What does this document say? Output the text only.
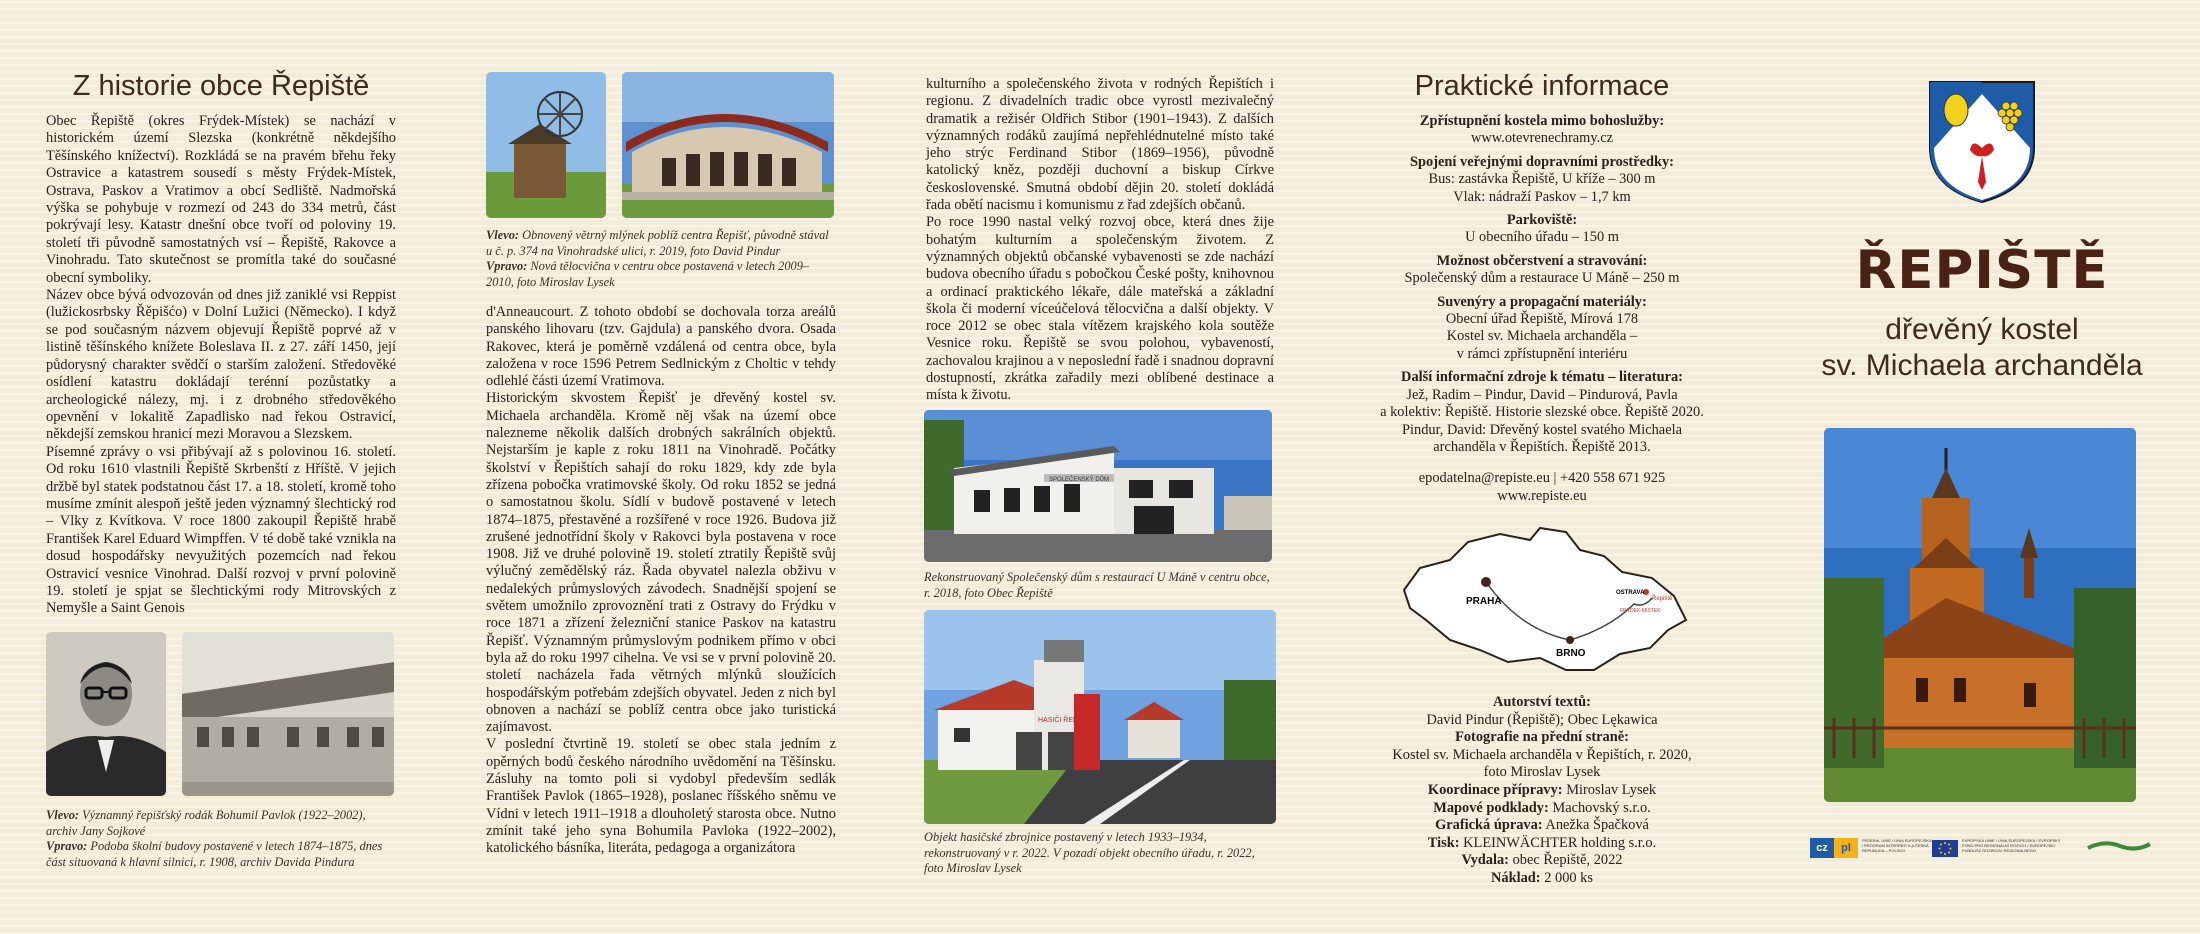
Z historie obce Řepiště
Obec Řepiště (okres Frýdek-Místek) se nachází v historickém území Slezska (konkrétně někdejšího Těšínského knížectví). Rozkládá se na pravém břehu řeky Ostravice a katastrem sousedí s městy Frýdek-Místek, Ostrava, Paskov a Vratimov a obcí Sedliště. Nadmořská výška se pohybuje v rozmezí od 243 do 334 metrů, část pokrývají lesy. Katastr dnešní obce tvoří od poloviny 19. století tři původně samostatných vsí – Řepiště, Rakovce a Vinohradu. Tato skutečnost se promítla také do současné obecní symboliky.
Název obce bývá odvozován od dnes již zaniklé vsi Reppist (lužickosrbsky Řěpišćo) v Dolní Lužici (Německo). I když se pod současným názvem objevují Řepiště poprvé až v listině těšínského knížete Boleslava II. z 27. září 1450, její půdorysný charakter svědčí o starším založení. Středověké osídlení katastru dokládají terénní pozůstatky a archeologické nálezy, mj. i z drobného středověkého opevnění v lokalitě Zapadlisko nad řekou Ostravicí, někdejší zemskou hranicí mezi Moravou a Slezskem.
Písemné zprávy o vsi přibývají až s polovinou 16. století. Od roku 1610 vlastnili Řepiště Skrbenští z Hříště. V jejich držbě byl statek podstatnou část 17. a 18. století, kromě toho musíme zmínit alespoň ještě jeden významný šlechtický rod – Vlky z Kvítkova. V roce 1800 zakoupil Řepiště hrabě František Karel Eduard Wimpffen. V té době také vznikla na dosud hospodářsky nevyužitých pozemcích nad řekou Ostravicí vesnice Vinohrad. Další rozvoj v první polovině 19. století je spjat se šlechtickými rody Mitrovských z Nemyšle a Saint Genois
Vlevo: Významný řepišťský rodák Bohumil Pavlok (1922–2002), archiv Jany Sojkové
Vpravo: Podoba školní budovy postavené v letech 1874–1875, dnes část situovaná k hlavní silnici, r. 1908, archiv Davida Pindura
Vlevo: Obnovený větrný mlýnek poblíž centra Řepišť, původně stával u č. p. 374 na Vinohradské ulici, r. 2019, foto David Pindur
Vpravo: Nová tělocvična v centru obce postavená v letech 2009–2010, foto Miroslav Lysek
d'Anneaucourt. Z tohoto období se dochovala torza areálů panského lihovaru (tzv. Gajdula) a panského dvora. Osada Rakovec, která je poměrně vzdálená od centra obce, byla založena v roce 1596 Petrem Sedlnickým z Choltic v tehdy odlehlé části území Vratimova.
Historickým skvostem Řepišť je dřevěný kostel sv. Michaela archanděla. Kromě něj však na území obce nalezneme několik dalších drobných sakrálních objektů. Nejstarším je kaple z roku 1811 na Vinohradě. Počátky školství v Řepištích sahají do roku 1829, kdy zde byla zřízena pobočka vratimovské školy. Od roku 1852 se jedná o samostatnou školu. Sídlí v budově postavené v letech 1874–1875, přestavěné a rozšířené v roce 1926. Budova již zrušené jednotřídní školy v Rakovci byla postavena v roce 1908. Již ve druhé polovině 19. století ztratily Řepiště svůj výlučný zemědělský ráz. Řada obyvatel nalezla obživu v nedalekých průmyslových závodech. Snadnější spojení se světem umožnilo zprovoznění trati z Ostravy do Frýdku v roce 1871 a zřízení železniční stanice Paskov na katastru Řepišť. Významným průmyslovým podnikem přímo v obci byla až do roku 1997 cihelna. Ve vsi se v první polovině 20. století nacházela řada větrných mlýnků sloužících hospodářským potřebám zdejších obyvatel. Jeden z nich byl obnoven a nachází se poblíž centra obce jako turistická zajímavost.
V poslední čtvrtině 19. století se obec stala jedním z opěrných bodů českého národního uvědomění na Těšínsku. Zásluhy na tomto poli si vydobyl především sedlák František Pavlok (1865–1928), poslanec říšského sněmu ve Vídni v letech 1911–1918 a dlouholetý starosta obce. Nutno zmínit také jeho syna Bohumila Pavloka (1922–2002), katolického básníka, literáta, pedagoga a organizátora
kulturního a společenského života v rodných Řepištích i regionu. Z divadelních tradic obce vyrostl mezivalečný dramatik a režisér Oldřich Stibor (1901–1943). Z dalších významných rodáků zaujímá nepřehlédnutelné místo také jeho strýc Ferdinand Stibor (1869–1956), původně katolický kněz, později duchovní a biskup Církve československé. Smutná období dějin 20. století dokládá řada obětí nacismu i komunismu z řad zdejších občanů.
Po roce 1990 nastal velký rozvoj obce, která dnes žije bohatým kulturním a společenským životem. Z významných objektů občanské vybavenosti se zde nachází budova obecního úřadu s pobočkou České pošty, knihovnou a ordinací praktického lékaře, dále mateřská a základní škola či moderní víceúčelová tělocvična a další objekty. V roce 2012 se obec stala vítězem krajského kola soutěže Vesnice roku. Řepiště se svou polohou, vybaveností, zachovalou krajinou a v neposlední řadě i snadnou dopravní dostupností, zkrátka zařadily mezi oblíbené destinace a místa k životu.
SPOLEČENSKÝ DŮM
Rekonstruovaný Společenský dům s restaurací U Máně v centru obce, r. 2018, foto Obec Řepiště
HASIČI ŘEPIŠTĚ
Objekt hasičské zbrojnice postavený v letech 1933–1934, rekonstruovaný v r. 2022. V pozadí objekt obecního úřadu, r. 2022, foto Miroslav Lysek
Praktické informace
Zpřístupnění kostela mimo bohoslužby:
www.otevrenechramy.cz
Spojení veřejnými dopravními prostředky:
Bus: zastávka Řepiště, U kříže – 300 m
Vlak: nádraží Paskov – 1,7 km
Parkoviště:
U obecního úřadu – 150 m
Možnost občerstvení a stravování:
Společenský dům a restaurace U Máně – 250 m
Suvenýry a propagační materiály:
Obecní úřad Řepiště, Mírová 178
Kostel sv. Michaela archanděla –
v rámci zpřístupnění interiéru
Další informační zdroje k tématu – literatura:
Jež, Radim – Pindur, David – Pindurová, Pavla
a kolektiv: Řepiště. Historie slezské obce. Řepiště 2020.
Pindur, David: Dřevěný kostel svatého Michaela
archanděla v Řepištích. Řepiště 2013.
epodatelna@repiste.eu | +420 558 671 925
www.repiste.eu
PRAHA
BRNO
OSTRAVA
Řepiště
FRÝDEK-MÍSTEK
Autorství textů:
David Pindur (Řepiště); Obec Lękawica
Fotografie na přední straně:
Kostel sv. Michaela archanděla v Řepištích, r. 2020,
foto Miroslav Lysek
Koordinace přípravy: Miroslav Lysek
Mapové podklady: Machovský s.r.o.
Grafická úprava: Anežka Špačková
Tisk: KLEINWÄCHTER holding s.r.o.
Vydala: obec Řepiště, 2022
Náklad: 2 000 ks
ŘEPIŠTĚ
dřevěný kostel
sv. Michaela archanděla
cz	pl
FEDERAL UNIE / UNIA EUROPEJSKA / PROGRAM INTERREG V-A ČESKÁ REPUBLIKA – POLSKO
EVROPSKÁ UNIE / UNIA EUROPEJSKA / EVROPSKÝ FOND PRO REGIONÁLNÍ ROZVOJ / EUROPEJSKI FUNDUSZ ROZWOJU REGIONALNEGO
